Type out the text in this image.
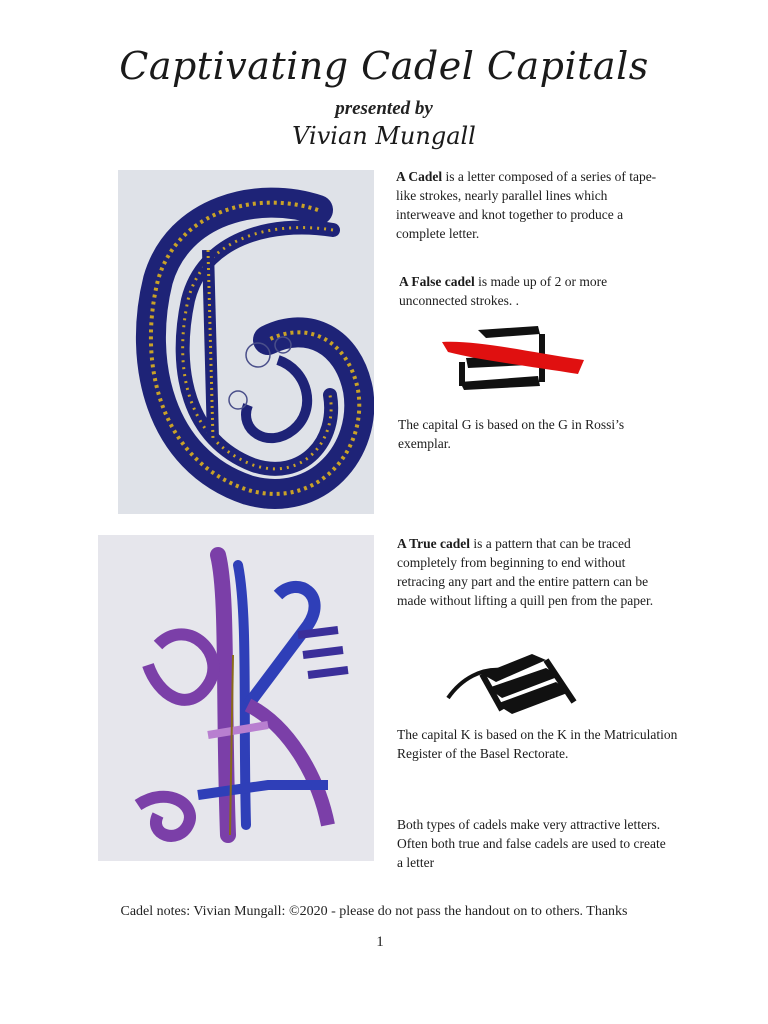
Captivating Cadel Capitals
presented by
Vivian Mungall
A Cadel is a letter composed of a series of tape-like strokes, nearly parallel lines which interweave and knot together to produce a complete letter.
A False cadel is made up of 2 or more unconnected strokes. .
The capital G is based on the G in Rossi’s exemplar.
A True cadel is a pattern that can be traced completely from beginning to end without retracing any part and the entire pattern can be made without lifting a quill pen from the paper.
The capital K is based on the K in the Matriculation Register of the Basel Rectorate.
Both types of cadels make very attractive letters. Often both true and false cadels are used to create a letter
Cadel notes: Vivian Mungall: ©2020 - please do not pass the handout on to others. Thanks
1
